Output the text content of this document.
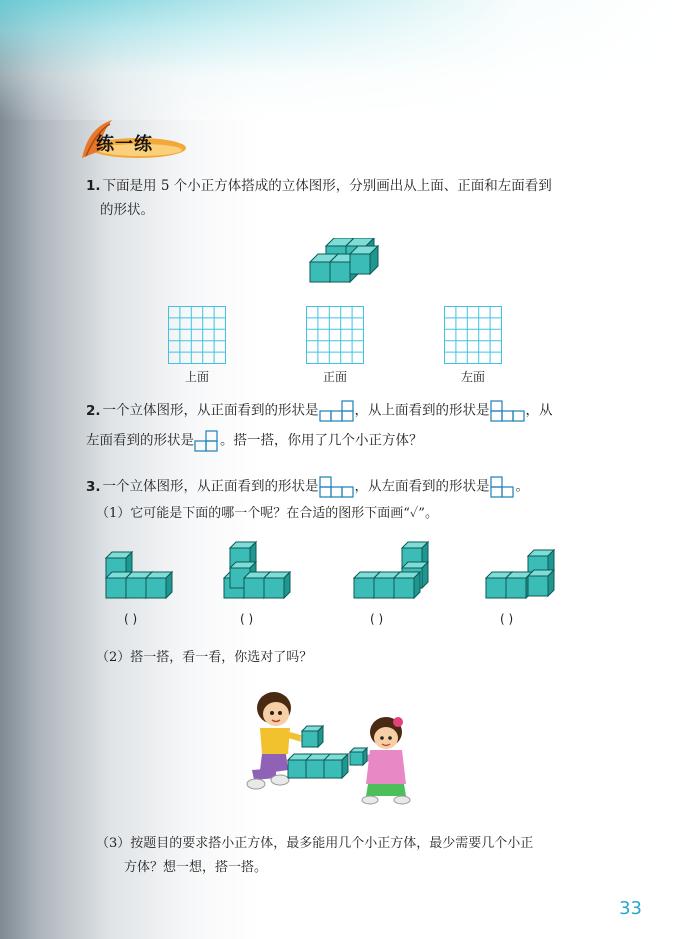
练一练
1. 下面是用 5 个小正方体搭成的立体图形，分别画出从上面、正面和左面看到
的形状。
上面	正面	左面
2. 一个立体图形，从正面看到的形状是	，从上面看到的形状是	，从
左面看到的形状是 。搭一搭，你用了几个小正方体？
3. 一个立体图形，从正面看到的形状是	，从左面看到的形状是 。
（1）它可能是下面的哪一个呢？在合适的图形下面画“✓”。
( )	( )	( )	( )
（2）搭一搭，看一看，你选对了吗？
（3）按题目的要求搭小正方体，最多能用几个小正方体，最少需要几个小正
方体？想一想，搭一搭。
33
